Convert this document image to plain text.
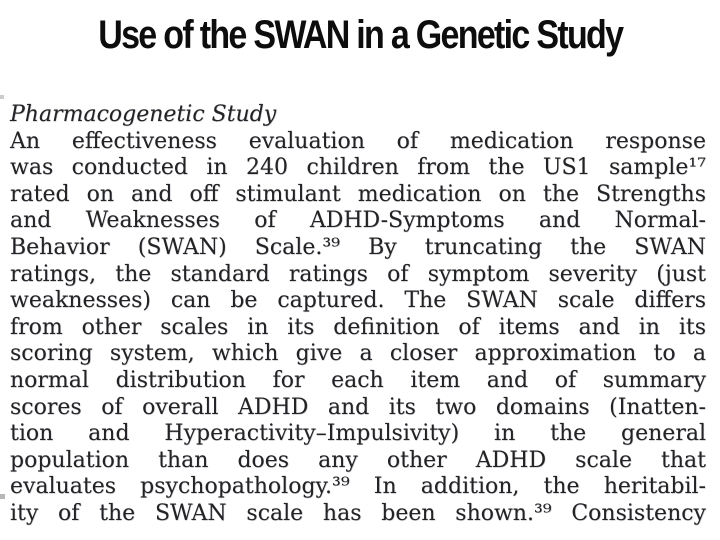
Use of the SWAN in a Genetic Study
Pharmacogenetic Study
An effectiveness evaluation of medication response
was conducted in 240 children from the US1 sample¹⁷
rated on and off stimulant medication on the Strengths
and Weaknesses of ADHD-Symptoms and Normal-
Behavior (SWAN) Scale.³⁹ By truncating the SWAN
ratings, the standard ratings of symptom severity (just
weaknesses) can be captured. The SWAN scale differs
from other scales in its definition of items and in its
scoring system, which give a closer approximation to a
normal distribution for each item and of summary
scores of overall ADHD and its two domains (Inatten-
tion and Hyperactivity–Impulsivity) in the general
population than does any other ADHD scale that
evaluates psychopathology.³⁹ In addition, the heritabil-
ity of the SWAN scale has been shown.³⁹ Consistency
